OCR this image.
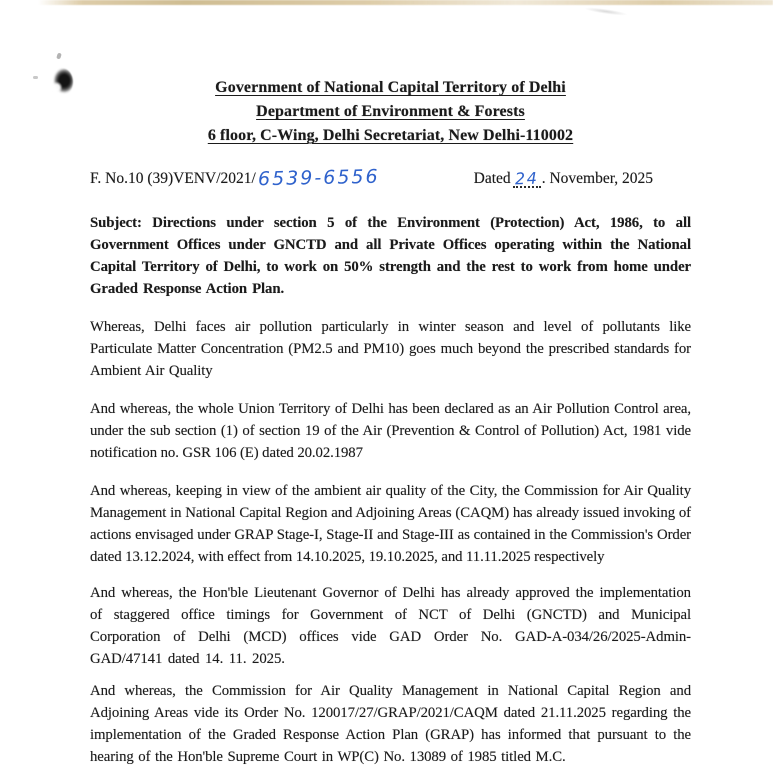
Government of National Capital Territory of Delhi
Department of Environment & Forests
6 floor, C-Wing, Delhi Secretariat, New Delhi-110002
F. No.10 (39)VENV/2021/6539-6556	Dated 24 . November, 2025

Subject: Directions under section 5 of the Environment (Protection) Act, 1986, to all Government Offices under GNCTD and all Private Offices operating within the National Capital Territory of Delhi, to work on 50% strength and the rest to work from home under Graded Response Action Plan.

Whereas, Delhi faces air pollution particularly in winter season and level of pollutants like Particulate Matter Concentration (PM2.5 and PM10) goes much beyond the prescribed standards for Ambient Air Quality

And whereas, the whole Union Territory of Delhi has been declared as an Air Pollution Control area, under the sub section (1) of section 19 of the Air (Prevention & Control of Pollution) Act, 1981 vide notification no. GSR 106 (E) dated 20.02.1987

And whereas, keeping in view of the ambient air quality of the City, the Commission for Air Quality Management in National Capital Region and Adjoining Areas (CAQM) has already issued invoking of actions envisaged under GRAP Stage-I, Stage-II and Stage-III as contained in the Commission's Order dated 13.12.2024, with effect from 14.10.2025, 19.10.2025, and 11.11.2025 respectively

And whereas, the Hon'ble Lieutenant Governor of Delhi has already approved the implementation of staggered office timings for Government of NCT of Delhi (GNCTD) and Municipal Corporation of Delhi (MCD) offices vide GAD Order No. GAD-A-034/26/2025-Admin-GAD/47141 dated 14. 11. 2025.

And whereas, the Commission for Air Quality Management in National Capital Region and Adjoining Areas vide its Order No. 120017/27/GRAP/2021/CAQM dated 21.11.2025 regarding the implementation of the Graded Response Action Plan (GRAP) has informed that pursuant to the hearing of the Hon'ble Supreme Court in WP(C) No. 13089 of 1985 titled M.C.
